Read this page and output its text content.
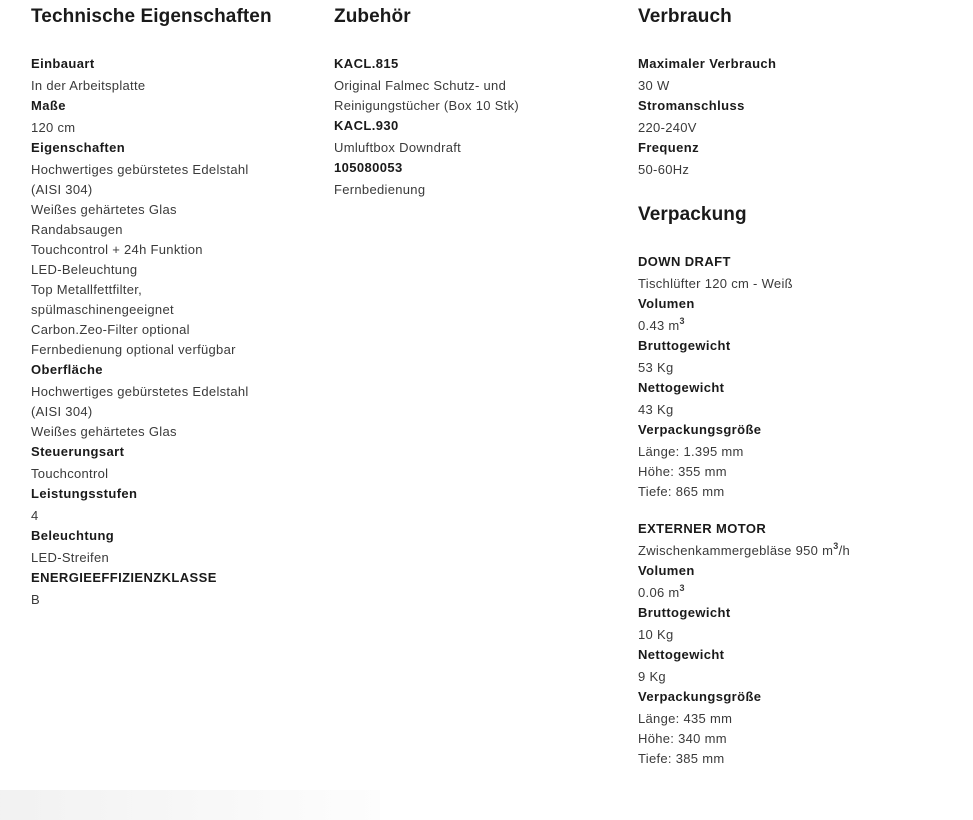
Technische Eigenschaften
Einbauart
In der Arbeitsplatte
Maße
120 cm
Eigenschaften
Hochwertiges gebürstetes Edelstahl
(AISI 304)
Weißes gehärtetes Glas
Randabsaugen
Touchcontrol + 24h Funktion
LED-Beleuchtung
Top Metallfettfilter,
spülmaschinengeeignet
Carbon.Zeo-Filter optional
Fernbedienung optional verfügbar
Oberfläche
Hochwertiges gebürstetes Edelstahl
(AISI 304)
Weißes gehärtetes Glas
Steuerungsart
Touchcontrol
Leistungsstufen
4
Beleuchtung
LED-Streifen
ENERGIEEFFIZIENZKLASSE
B
Zubehör
KACL.815
Original Falmec Schutz- und
Reinigungstücher (Box 10 Stk)
KACL.930
Umluftbox Downdraft
105080053
Fernbedienung
Verbrauch
Maximaler Verbrauch
30 W
Stromanschluss
220-240V
Frequenz
50-60Hz
Verpackung
DOWN DRAFT
Tischlüfter 120 cm - Weiß
Volumen
0.43 $m^3$
Bruttogewicht
53 Kg
Nettogewicht
43 Kg
Verpackungsgröße
Länge: 1.395 mm
Höhe: 355 mm
Tiefe: 865 mm
EXTERNER MOTOR
Zwischenkammergebläse 950 $m^3/h$
Volumen
0.06 $m^3$
Bruttogewicht
10 Kg
Nettogewicht
9 Kg
Verpackungsgröße
Länge: 435 mm
Höhe: 340 mm
Tiefe: 385 mm
